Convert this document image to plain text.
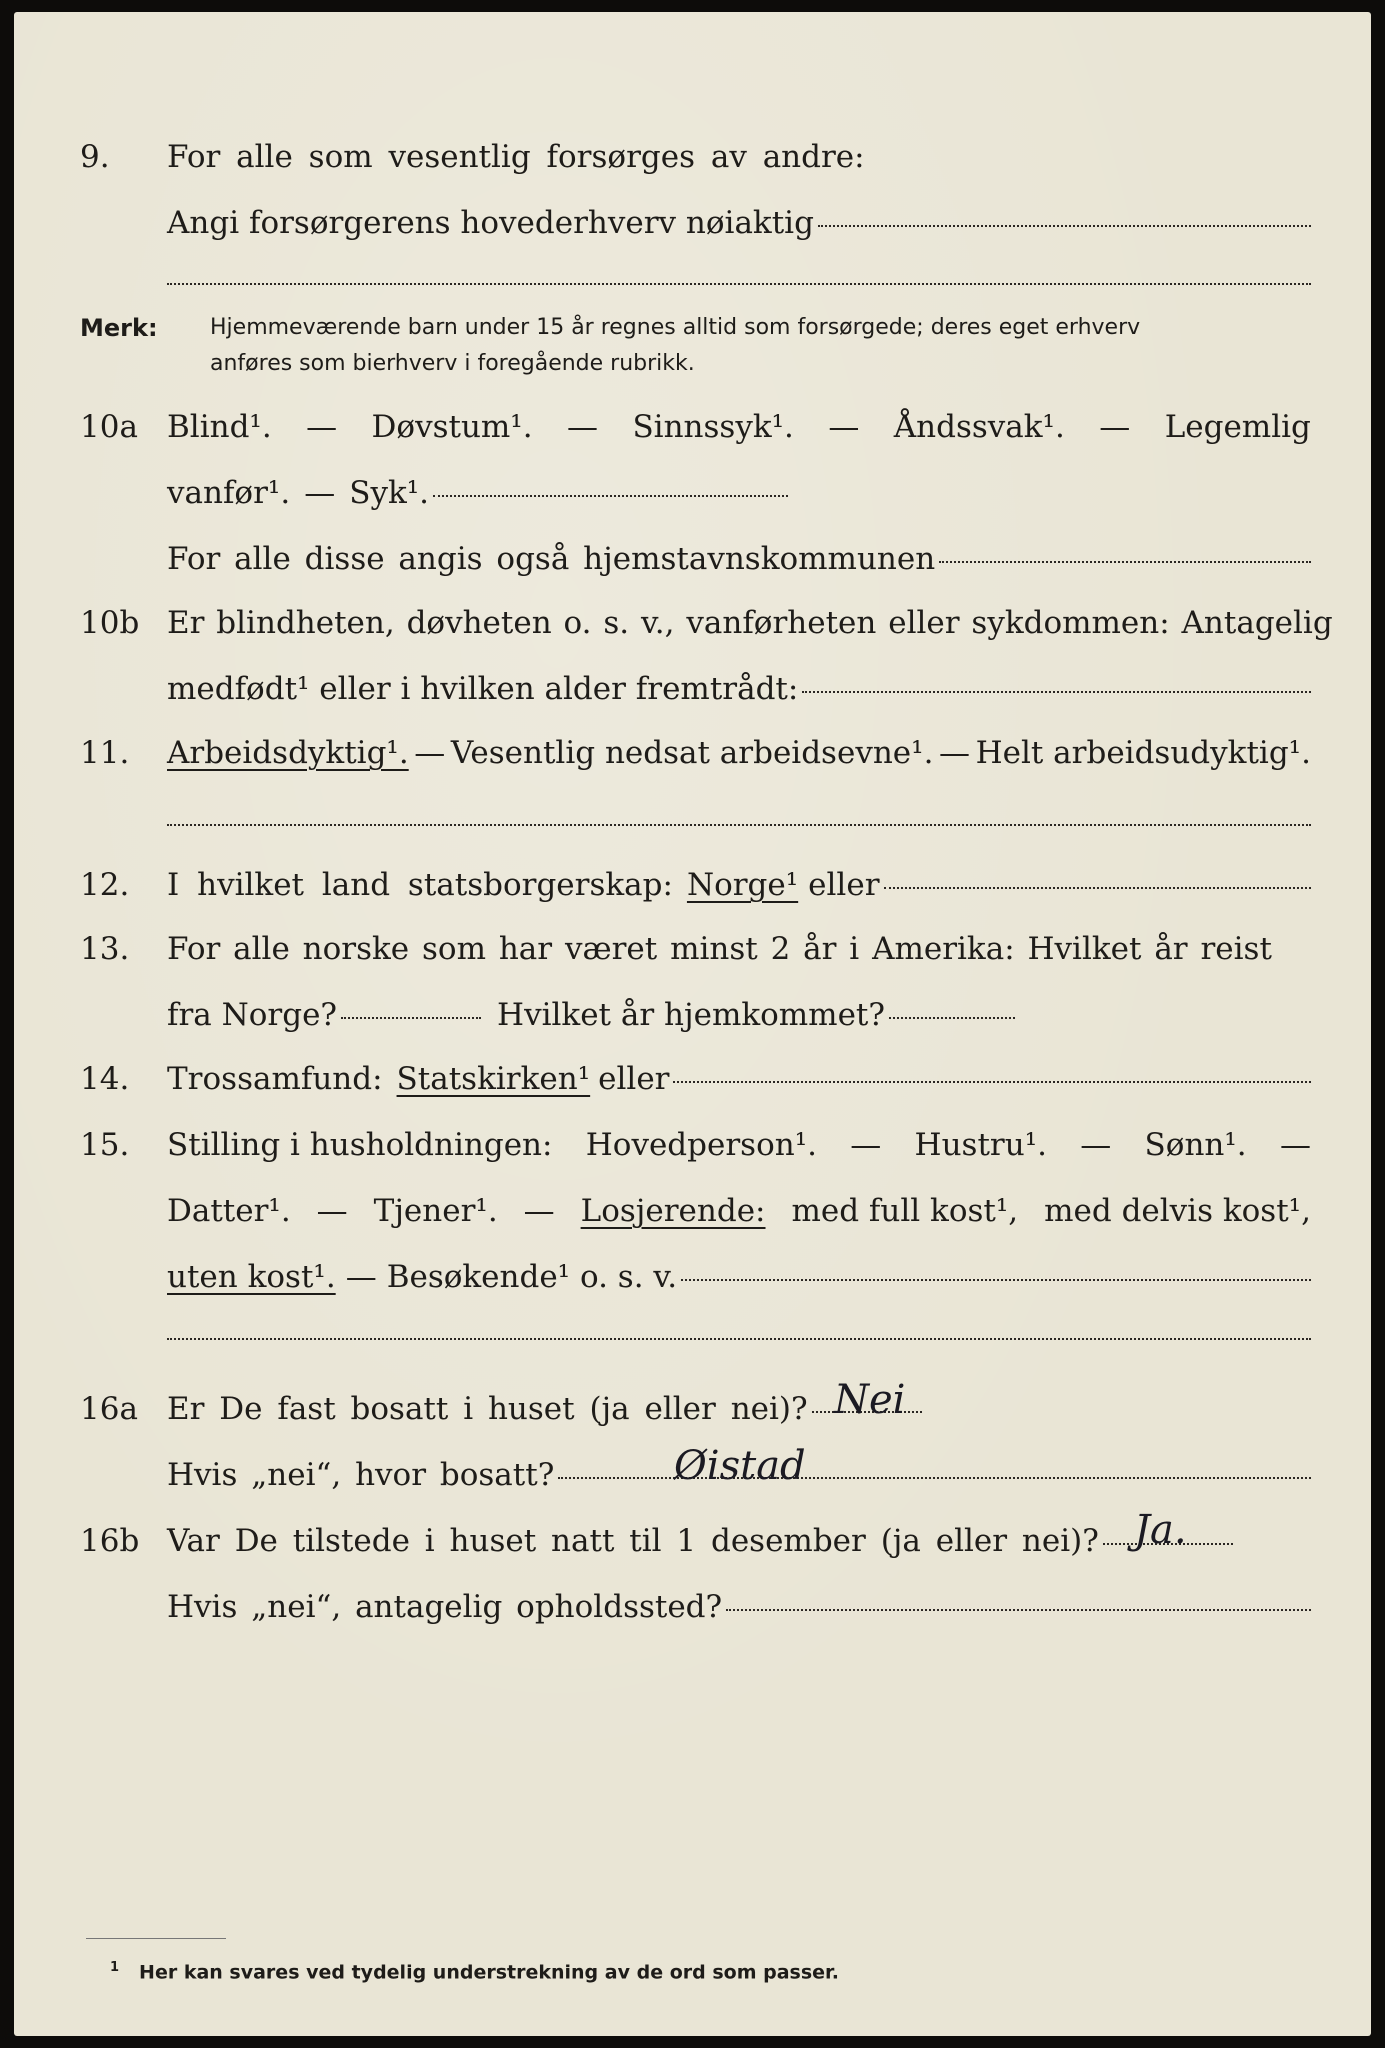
9.	For alle som vesentlig forsørges av andre:
Angi forsørgerens hovederhverv nøiaktig
Merk: Hjemmeværende barn under 15 år regnes alltid som forsørgede; deres eget erhverv
anføres som bierhverv i foregående rubrikk.
10a Blind¹. — Døvstum¹. — Sinnssyk¹. — Åndssvak¹. — Legemlig
vanfør¹. — Syk¹.
For alle disse angis også hjemstavnskommunen
10b Er blindheten, døvheten o. s. v., vanførheten eller sykdommen: Antagelig
medfødt¹ eller i hvilken alder fremtrådt:
11.	Arbeidsdyktig¹. — Vesentlig nedsat arbeidsevne¹. — Helt arbeidsudyktig¹.
12.	I hvilket land statsborgerskap: Norge¹ eller
13.	For alle norske som har været minst 2 år i Amerika: Hvilket år reist
fra Norge?	Hvilket år hjemkommet?
14.	Trossamfund: Statskirken¹ eller
15.	Stilling i husholdningen: Hovedperson¹. — Hustru¹. — Sønn¹. —
Datter¹. — Tjener¹. — Losjerende: med full kost¹, med delvis kost¹,
uten kost¹. — Besøkende¹ o. s. v.
16a Er De fast bosatt i huset (ja eller nei)? Nei
Hvis „nei“, hvor bosatt?	Øistad
16b Var De tilstede i huset natt til 1 desember (ja eller nei)? Ja.
Hvis „nei“, antagelig opholdssted?
$^1$ Her kan svares ved tydelig understrekning av de ord som passer.
